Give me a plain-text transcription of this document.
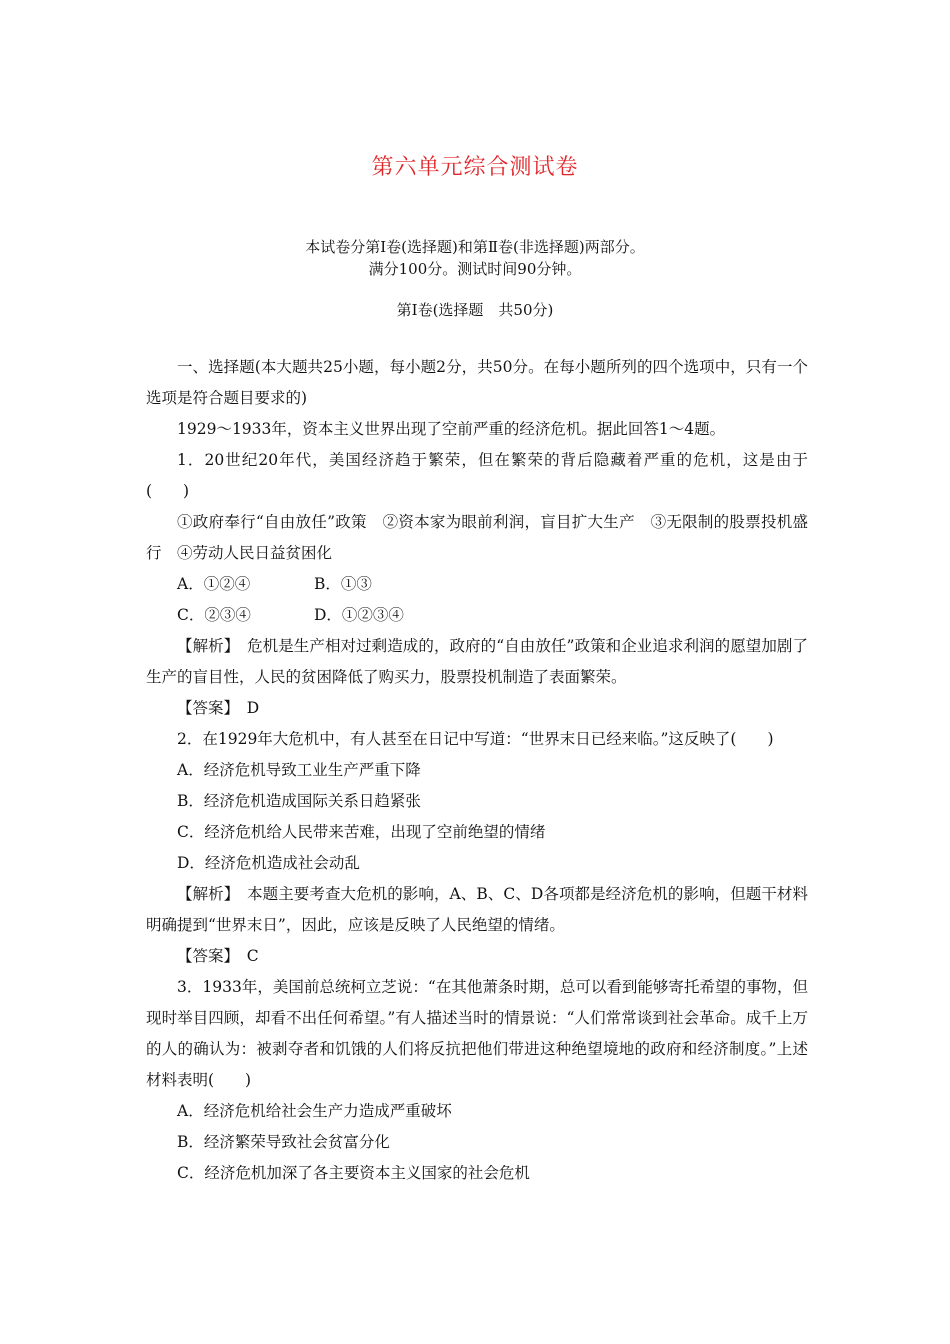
第六单元综合测试卷
本试卷分第Ⅰ卷(选择题)和第Ⅱ卷(非选择题)两部分。
满分100分。测试时间90分钟。
第Ⅰ卷(选择题　共50分)

一、选择题(本大题共25小题，每小题2分，共50分。在每小题所列的四个选项中，只有一个选项是符合题目要求的)

1929～1933年，资本主义世界出现了空前严重的经济危机。据此回答1～4题。

1．20世纪20年代，美国经济趋于繁荣，但在繁荣的背后隐藏着严重的危机，这是由于(　　)

①政府奉行“自由放任”政策　②资本家为眼前利润，盲目扩大生产　③无限制的股票投机盛行　④劳动人民日益贫困化

A．①②④	B．①③
C．②③④	D．①②③④

【解析】　危机是生产相对过剩造成的，政府的“自由放任”政策和企业追求利润的愿望加剧了生产的盲目性，人民的贫困降低了购买力，股票投机制造了表面繁荣。

【答案】　D

2．在1929年大危机中，有人甚至在日记中写道：“世界末日已经来临。”这反映了(　　)

A．经济危机导致工业生产严重下降

B．经济危机造成国际关系日趋紧张

C．经济危机给人民带来苦难，出现了空前绝望的情绪

D．经济危机造成社会动乱

【解析】　本题主要考查大危机的影响，A、B、C、D各项都是经济危机的影响，但题干材料明确提到“世界末日”，因此，应该是反映了人民绝望的情绪。

【答案】　C

3．1933年，美国前总统柯立芝说：“在其他萧条时期，总可以看到能够寄托希望的事物，但现时举目四顾，却看不出任何希望。”有人描述当时的情景说：“人们常常谈到社会革命。成千上万的人的确认为：被剥夺者和饥饿的人们将反抗把他们带进这种绝望境地的政府和经济制度。”上述材料表明(　　)

A．经济危机给社会生产力造成严重破坏

B．经济繁荣导致社会贫富分化

C．经济危机加深了各主要资本主义国家的社会危机
